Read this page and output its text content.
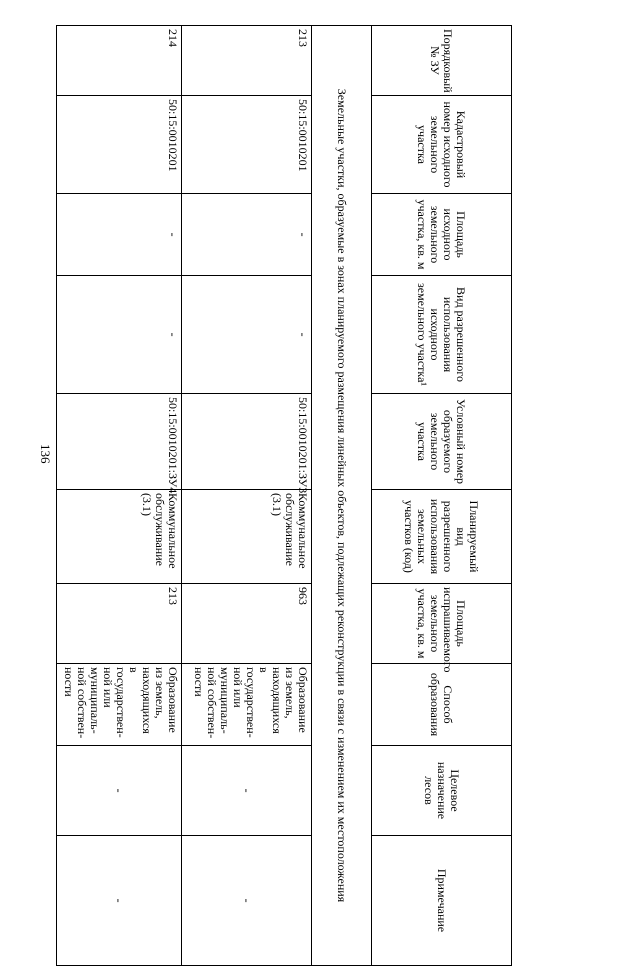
136
Порядковый № ЗУ	Кадастровый номер исходного земельного участка	Площадь исходного земельного участка, кв. м	Вид разрешенного использования исходного земельного участка¹	Условный номер образуемого земельного участка	Планируемый вид разрешенного использования земельных участков (код)	Площадь испрашиваемого земельного участка, кв. м	Способ образования	Целевое назначение лесов	Примечание
Земельные участки, образуемые в зонах планируемого размещения линейных объектов, подлежащих реконструкции в связи с изменением их местоположения									
213	50:15:0010201	-	-	50:15:0010201:ЗУ3	Коммунальное обслуживание (3.1)	963	Образование из земель, находящихся в государствен-ной или муниципаль-ной собствен-ности	-	-
214	50:15:0010201	-	-	50:15:0010201:ЗУ4	Коммунальное обслуживание (3.1)	213	Образование из земель, находящихся в государствен-ной или муниципаль-ной собствен-ности	-	-
